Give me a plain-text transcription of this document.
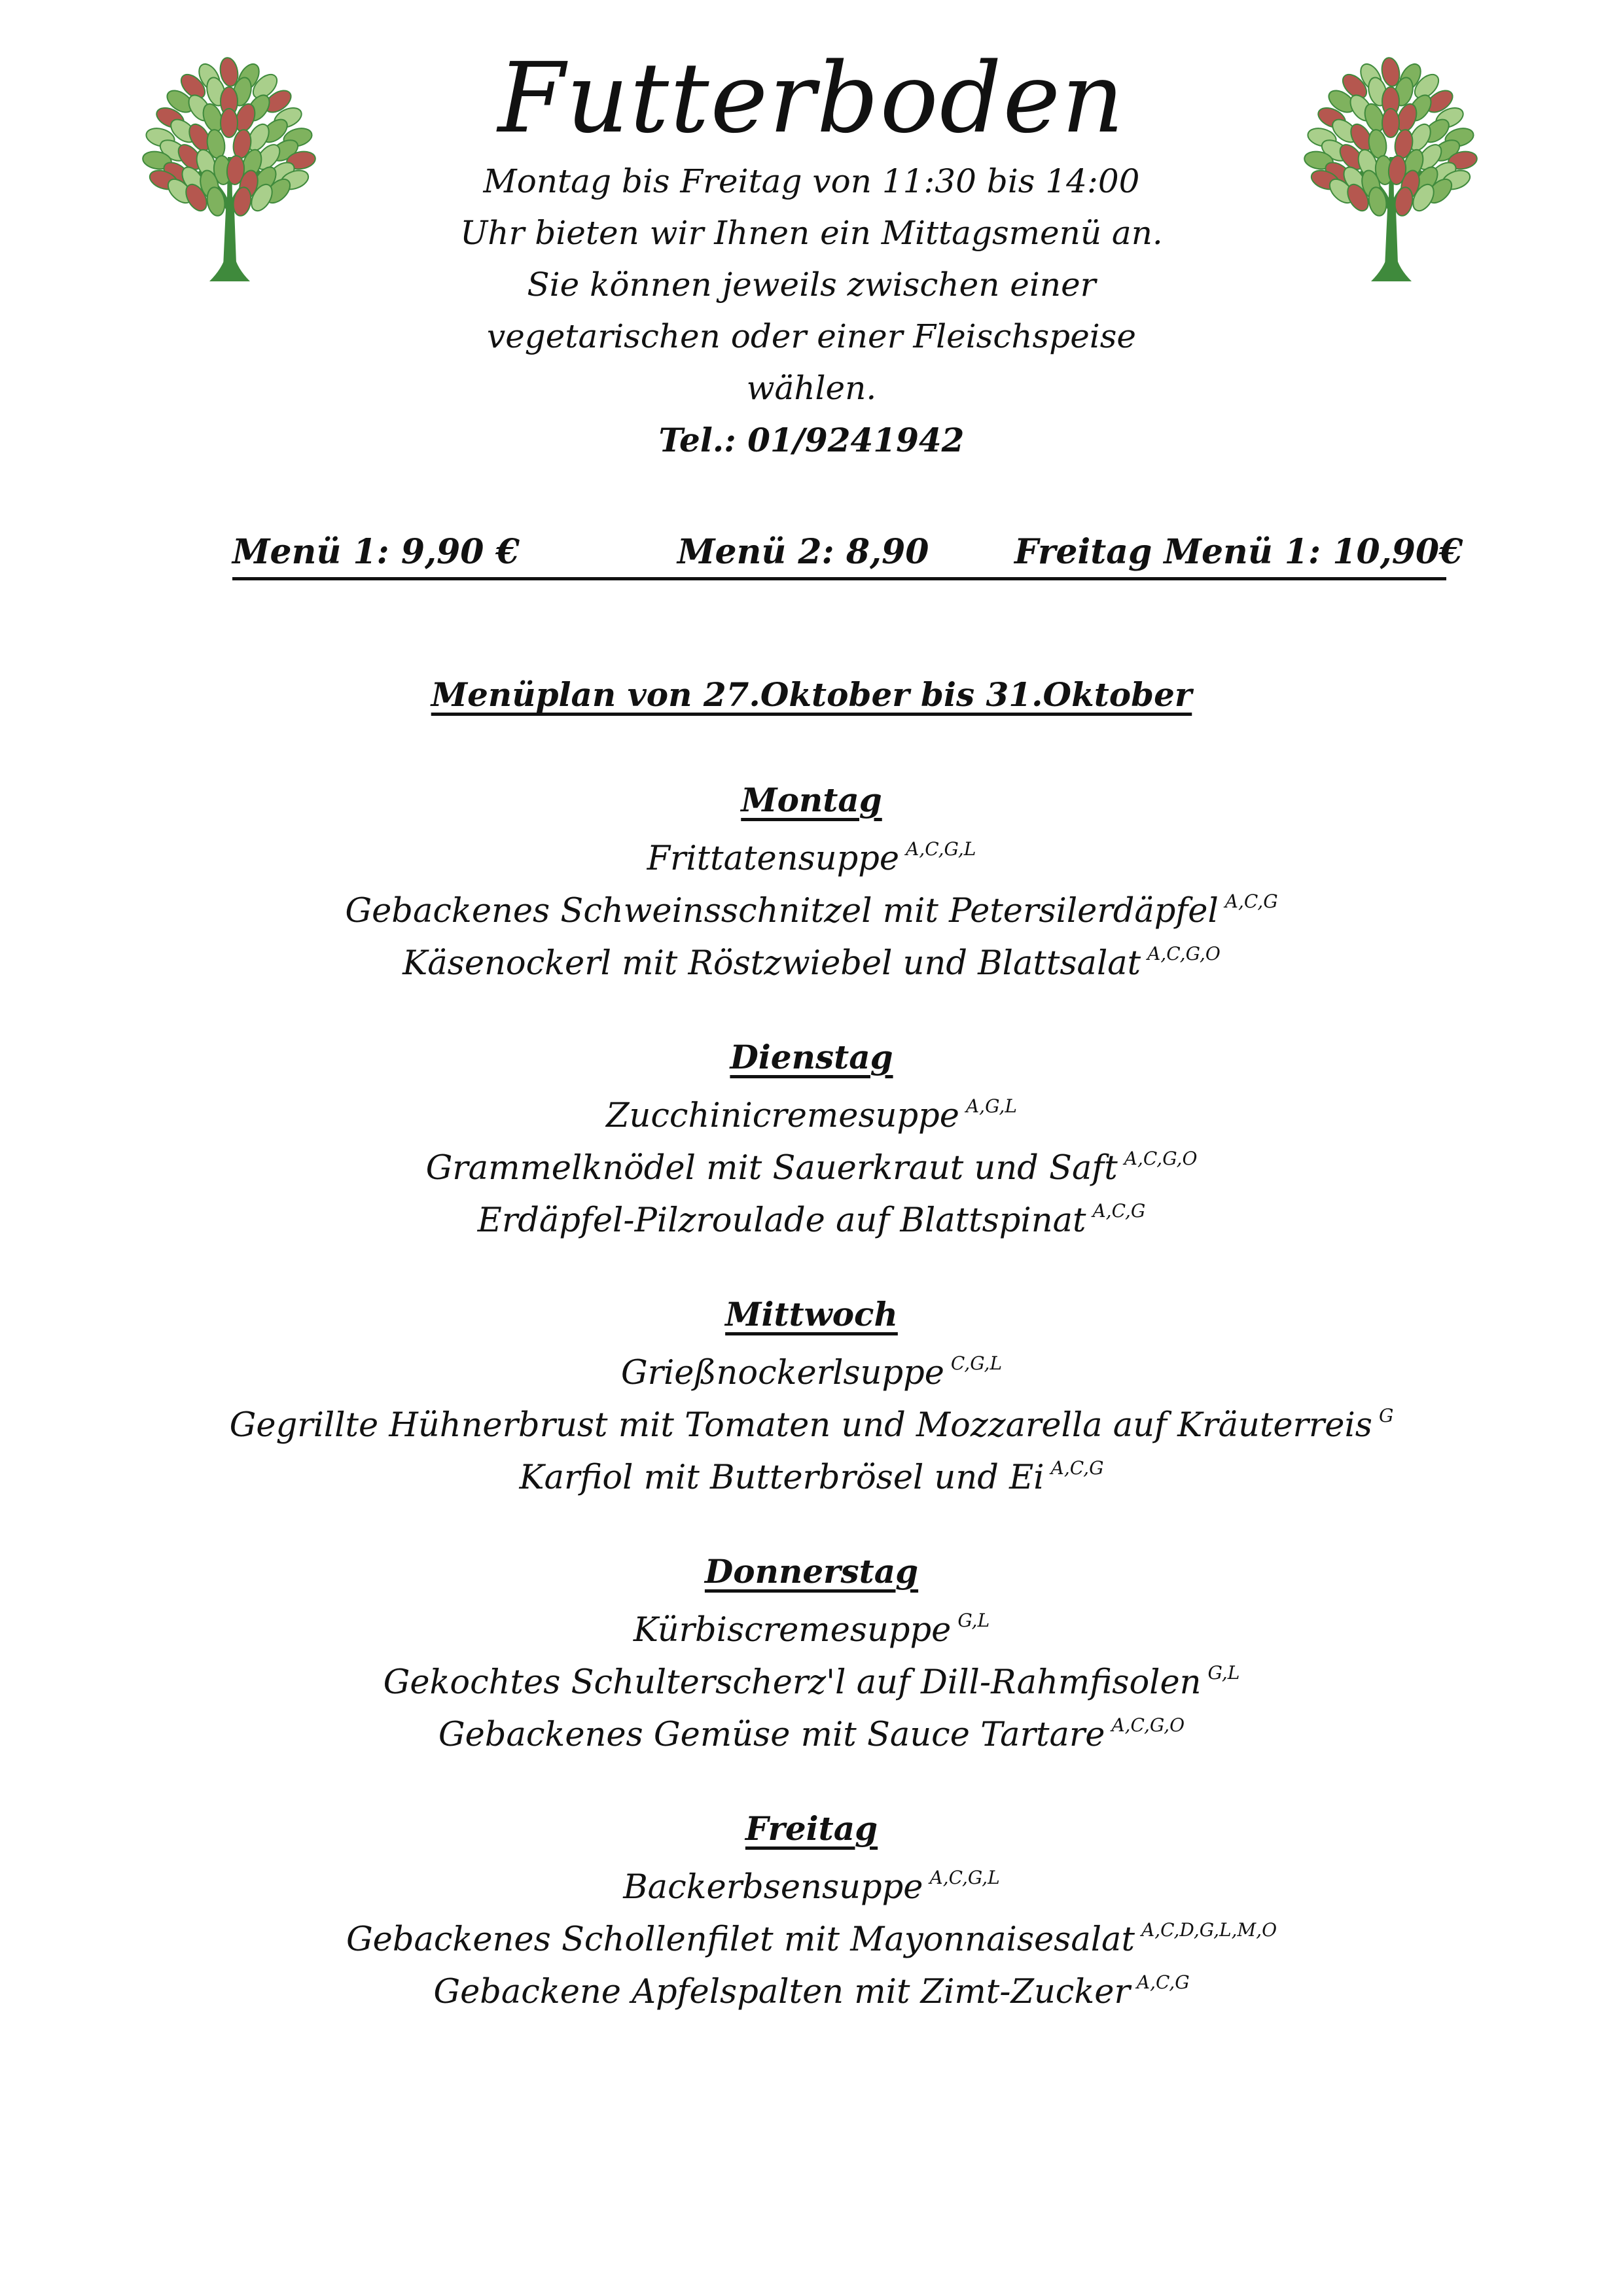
Futterboden

Montag bis Freitag von 11:30 bis 14:00

Uhr bieten wir Ihnen ein Mittagsmenü an.

Sie können jeweils zwischen einer

vegetarischen oder einer Fleischspeise

wählen.

Tel.: 01/9241942

Menü 1: 9,90 €	Menü 2: 8,90	Freitag Menü 1: 10,90€
Menüplan von 27.Oktober bis 31.Oktober
Montag
Frittatensuppe $^{A,C,G,L}$
Gebackenes Schweinsschnitzel mit Petersilerdäpfel $^{A,C,G}$
Käsenockerl mit Röstzwiebel und Blattsalat $^{A,C,G,O}$
Dienstag
Zucchinicremesuppe $^{A,G,L}$
Grammelknödel mit Sauerkraut und Saft $^{A,C,G,O}$
Erdäpfel-Pilzroulade auf Blattspinat $^{A,C,G}$
Mittwoch
Grießnockerlsuppe $^{C,G,L}$
Gegrillte Hühnerbrust mit Tomaten und Mozzarella auf Kräuterreis $^G$
Karfiol mit Butterbrösel und Ei $^{A,C,G}$
Donnerstag
Kürbiscremesuppe $^{G,L}$
Gekochtes Schulterscherz'l auf Dill-Rahmfisolen $^{G,L}$
Gebackenes Gemüse mit Sauce Tartare $^{A,C,G,O}$
Freitag
Backerbsensuppe $^{A,C,G,L}$
Gebackenes Schollenfilet mit Mayonnaisesalat $^{A,C,D,G,L,M,O}$
Gebackene Apfelspalten mit Zimt-Zucker $^{A,C,G}$
